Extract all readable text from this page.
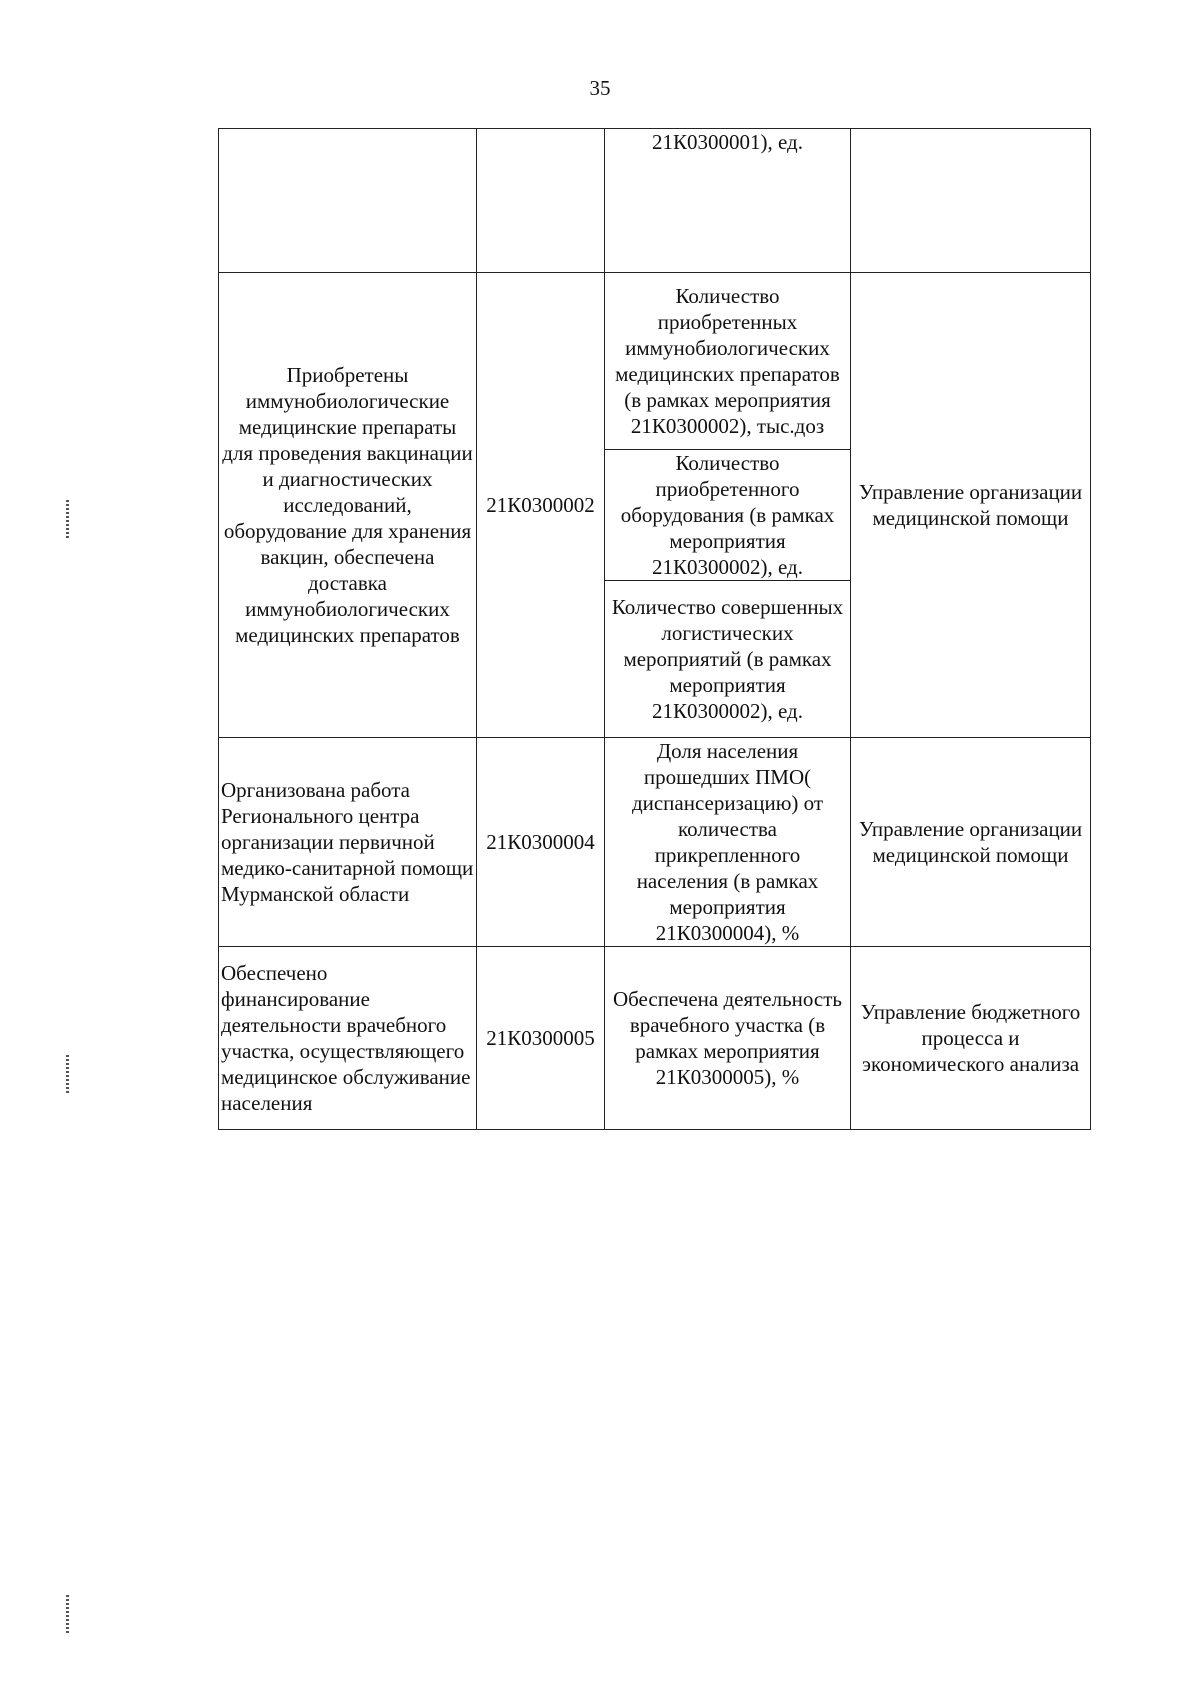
35
		21К0300001), ед.	
Приобретены иммунобиологические медицинские препараты для проведения вакцинации и диагностических исследований, оборудование для хранения вакцин, обеспечена доставка иммунобиологических медицинских препаратов	21К0300002	Количество приобретенных иммунобиологических медицинских препаратов (в рамках мероприятия 21К0300002), тыс.доз	Управление организации медицинской помощи
		Количество приобретенного оборудования (в рамках мероприятия 21К0300002), ед.	
		Количество совершенных логистических мероприятий (в рамках мероприятия 21К0300002), ед.	
Организована работа Регионального центра организации первичной медико-санитарной помощи Мурманской области	21К0300004	Доля населения прошедших ПМО( диспансеризацию) от количества прикрепленного населения (в рамках мероприятия 21К0300004), %	Управление организации медицинской помощи
Обеспечено финансирование деятельности врачебного участка, осуществляющего медицинское обслуживание населения	21К0300005	Обеспечена деятельность врачебного участка (в рамках мероприятия 21К0300005), %	Управление бюджетного процесса и экономического анализа
